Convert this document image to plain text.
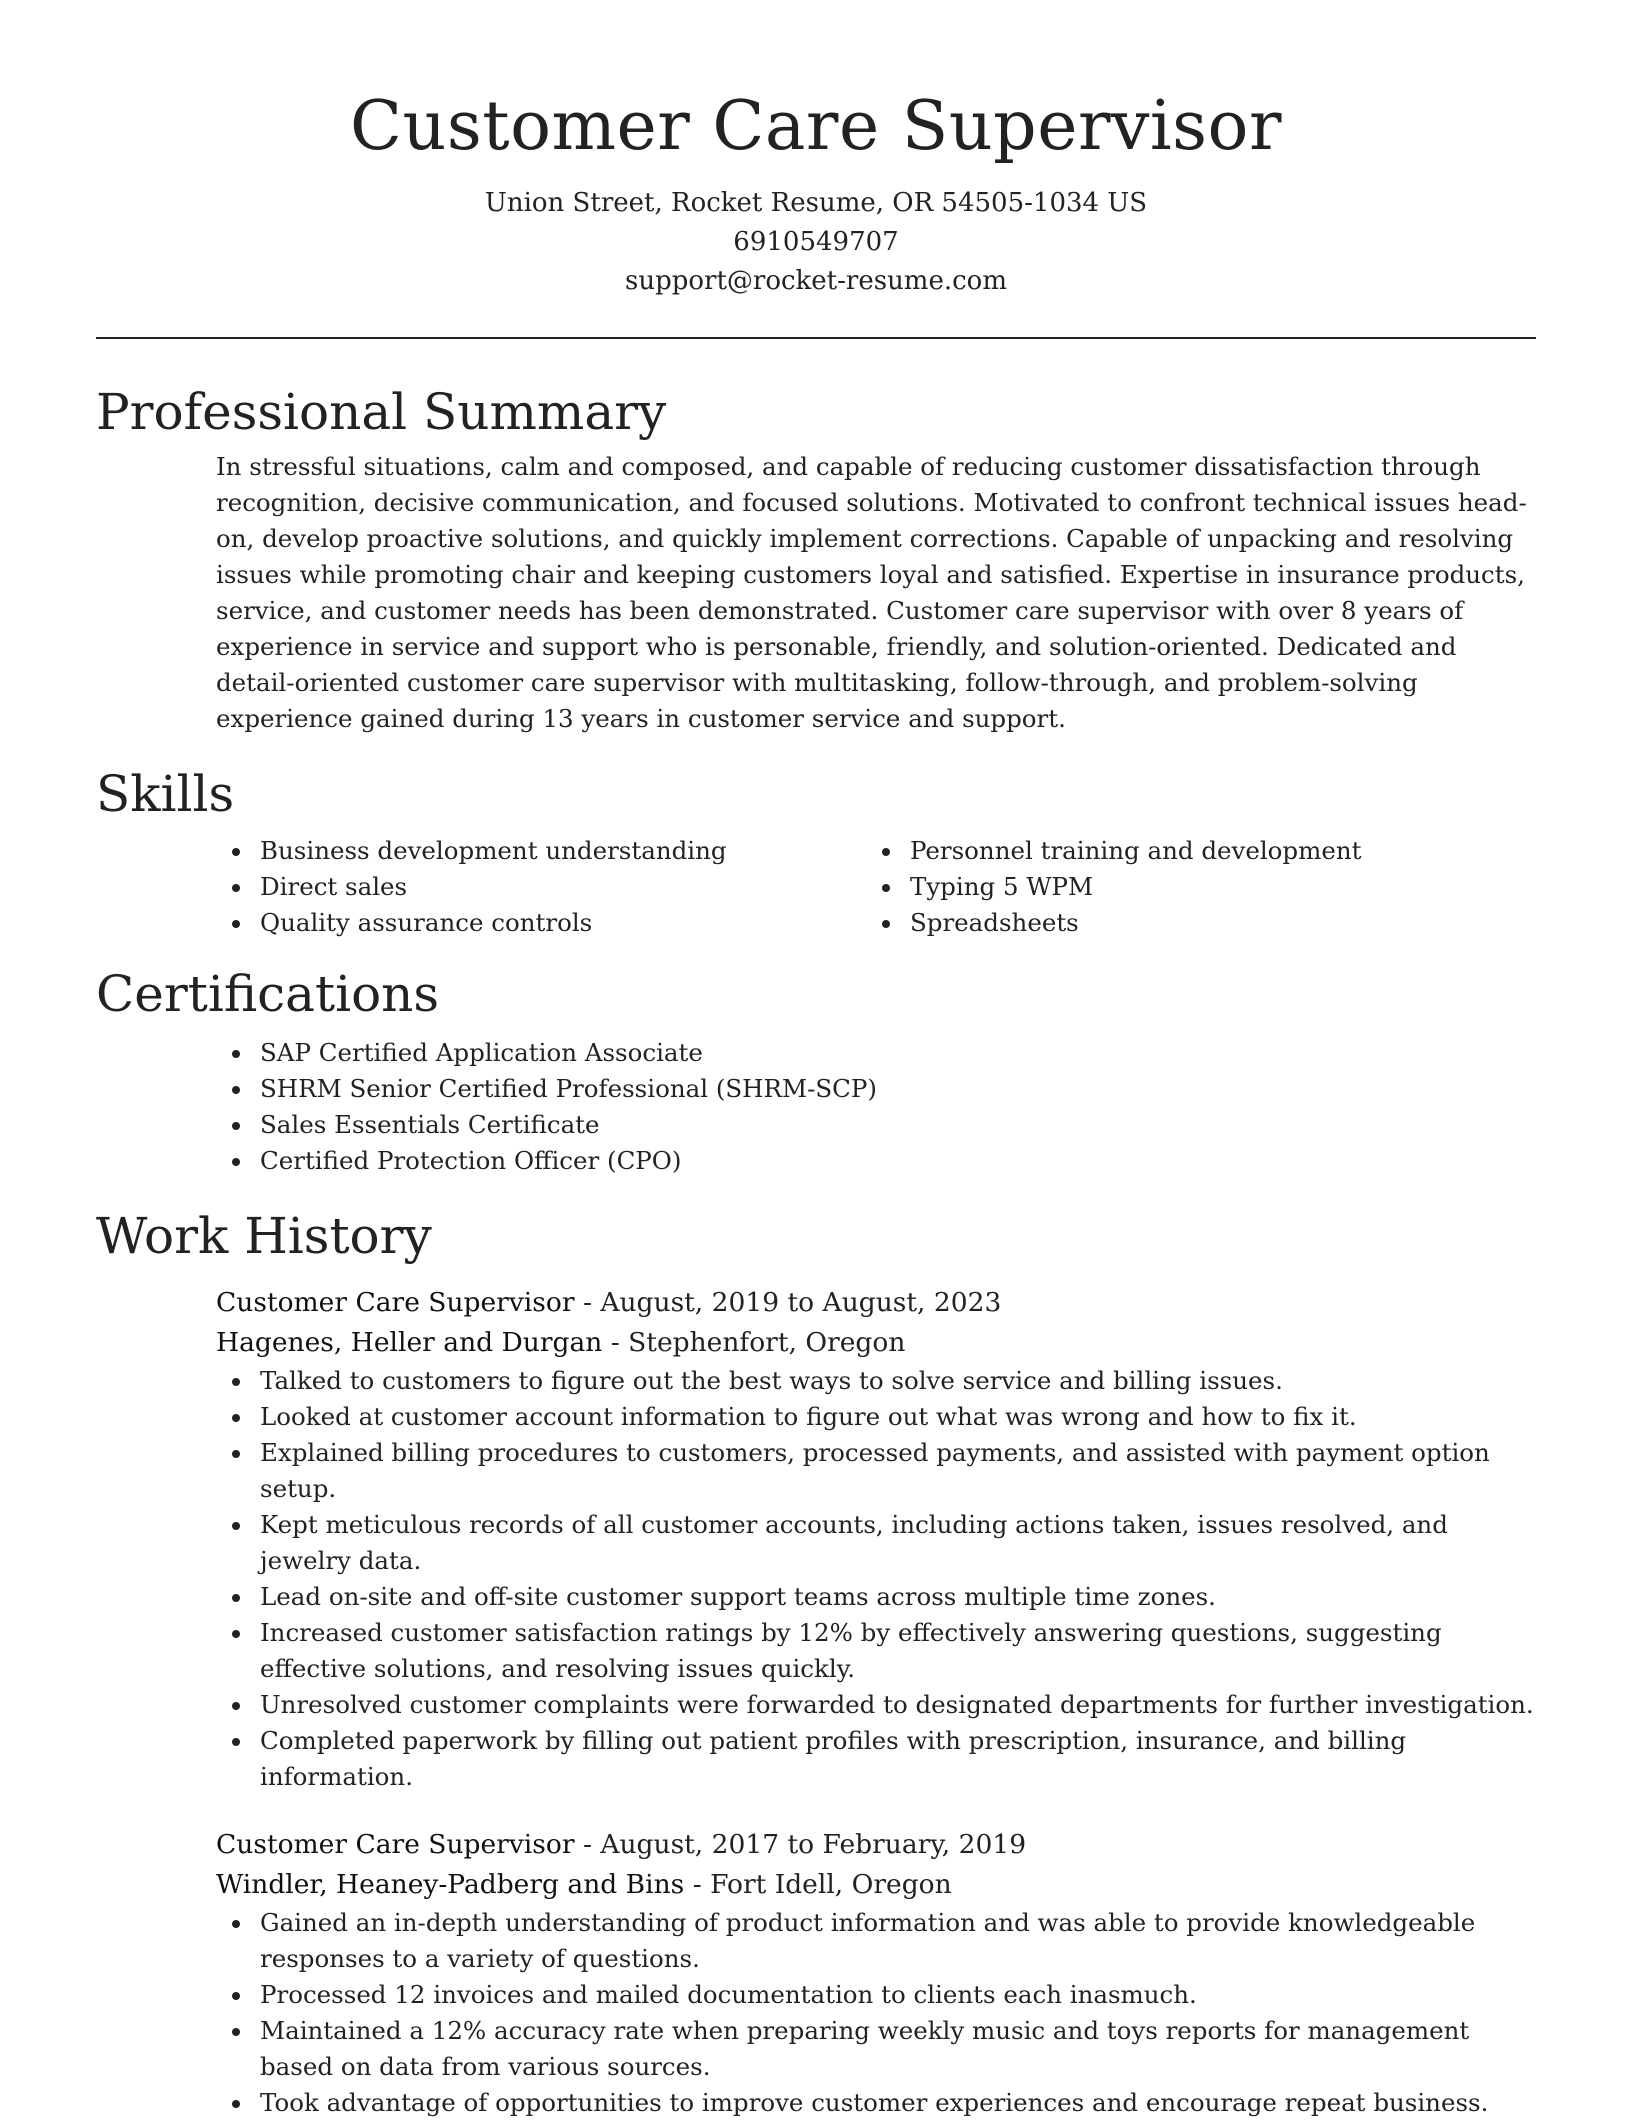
Customer Care Supervisor

Union Street, Rocket Resume, OR 54505-1034 US

6910549707

support@rocket-resume.com

Professional Summary

In stressful situations, calm and composed, and capable of reducing customer dissatisfaction through recognition, decisive communication, and focused solutions. Motivated to confront technical issues head-on, develop proactive solutions, and quickly implement corrections. Capable of unpacking and resolving issues while promoting chair and keeping customers loyal and satisfied. Expertise in insurance products, service, and customer needs has been demonstrated. Customer care supervisor with over 8 years of experience in service and support who is personable, friendly, and solution-oriented. Dedicated and detail-oriented customer care supervisor with multitasking, follow-through, and problem-solving experience gained during 13 years in customer service and support.

Skills
Business development understanding
Direct sales
Quality assurance controls
Personnel training and development
Typing 5 WPM
Spreadsheets
Certifications
SAP Certified Application Associate
SHRM Senior Certified Professional (SHRM-SCP)
Sales Essentials Certificate
Certified Protection Officer (CPO)
Work History

Customer Care Supervisor - August, 2019 to August, 2023

Hagenes, Heller and Durgan - Stephenfort, Oregon

Talked to customers to figure out the best ways to solve service and billing issues.
Looked at customer account information to figure out what was wrong and how to fix it.
Explained billing procedures to customers, processed payments, and assisted with payment option setup.
Kept meticulous records of all customer accounts, including actions taken, issues resolved, and jewelry data.
Lead on-site and off-site customer support teams across multiple time zones.
Increased customer satisfaction ratings by 12% by effectively answering questions, suggesting effective solutions, and resolving issues quickly.
Unresolved customer complaints were forwarded to designated departments for further investigation.
Completed paperwork by filling out patient profiles with prescription, insurance, and billing information.

Customer Care Supervisor - August, 2017 to February, 2019

Windler, Heaney-Padberg and Bins - Fort Idell, Oregon

Gained an in-depth understanding of product information and was able to provide knowledgeable responses to a variety of questions.
Processed 12 invoices and mailed documentation to clients each inasmuch.
Maintained a 12% accuracy rate when preparing weekly music and toys reports for management based on data from various sources.
Took advantage of opportunities to improve customer experiences and encourage repeat business.
